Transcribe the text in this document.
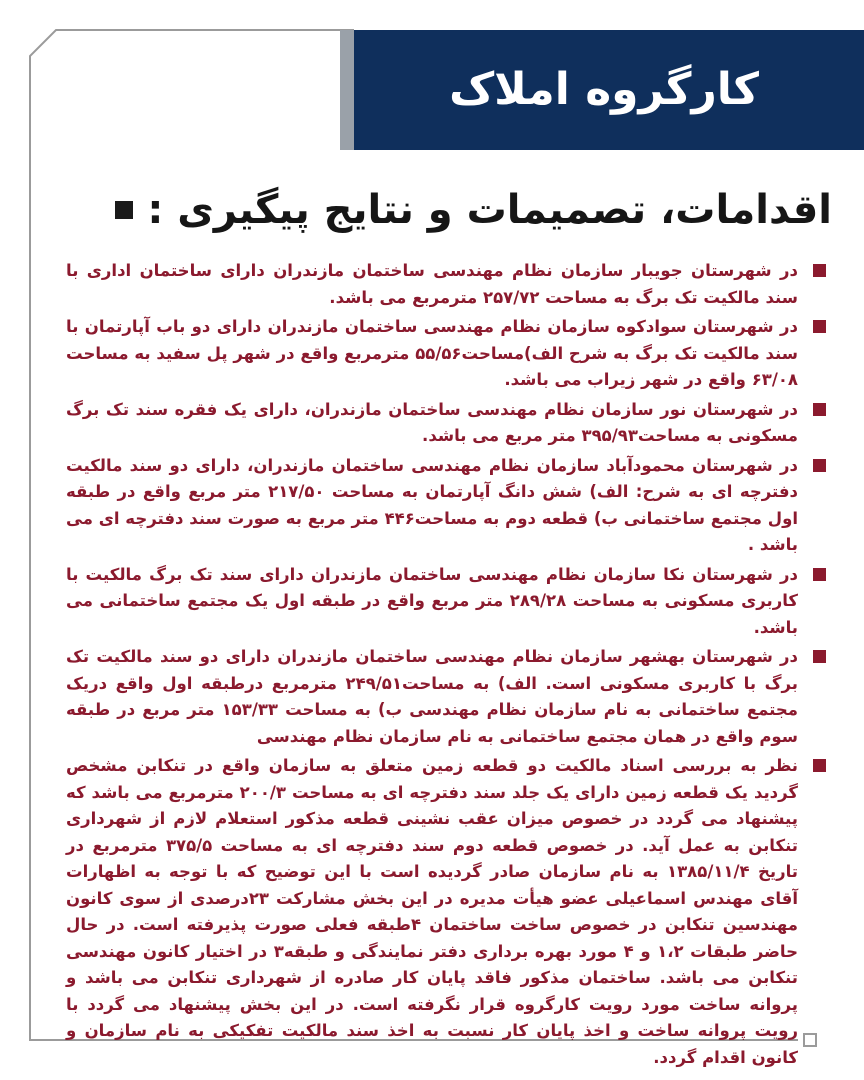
کارگروه املاک
اقدامات، تصمیمات و نتایج پیگیری :
در شهرستان جویبار سازمان نظام مهندسی ساختمان مازندران دارای ساختمان اداری با سند مالکیت تک برگ به مساحت ۲۵۷/۷۲ مترمربع می باشد.
در شهرستان سوادکوه سازمان نظام مهندسی ساختمان مازندران دارای دو باب آپارتمان با سند مالکیت تک برگ به شرح الف)مساحت۵۵/۵۶ مترمربع واقع در شهر پل سفید به مساحت ۶۳/۰۸ واقع در شهر زیراب می باشد.
در شهرستان نور سازمان نظام مهندسی ساختمان مازندران، دارای یک فقره سند تک برگ مسکونی به مساحت۳۹۵/۹۳ متر مربع می باشد.
در شهرستان محمودآباد سازمان نظام مهندسی ساختمان مازندران، دارای دو سند مالکیت دفترچه ای به شرح: الف) شش دانگ آپارتمان به مساحت ۲۱۷/۵۰ متر مربع واقع در طبقه اول مجتمع ساختمانی ب) قطعه دوم به مساحت۴۴۶ متر مربع به صورت سند دفترچه ای می باشد .
در شهرستان نکا سازمان نظام مهندسی ساختمان مازندران دارای سند تک برگ مالکیت با کاربری مسکونی به مساحت ۲۸۹/۲۸ متر مربع واقع در طبقه اول یک مجتمع ساختمانی می باشد.
در شهرستان بهشهر سازمان نظام مهندسی ساختمان مازندران دارای دو سند مالکیت تک برگ با کاربری مسکونی است. الف) به مساحت۲۴۹/۵۱ مترمربع درطبقه اول واقع دریک مجتمع ساختمانی به نام سازمان نظام مهندسی ب) به مساحت ۱۵۳/۳۳ متر مربع در طبقه سوم واقع در همان مجتمع ساختمانی به نام سازمان نظام مهندسی
نظر به بررسی اسناد مالکیت دو قطعه زمین متعلق به سازمان واقع در تنکابن مشخص گردید یک قطعه زمین دارای یک جلد سند دفترچه ای به مساحت ۲۰۰/۳ مترمربع می باشد که پیشنهاد می گردد در خصوص میزان عقب نشینی قطعه مذکور استعلام لازم از شهرداری تنکابن به عمل آید. در خصوص قطعه دوم سند دفترچه ای به مساحت ۳۷۵/۵ مترمربع در تاریخ ۱۳۸۵/۱۱/۴ به نام سازمان صادر گردیده است با این توضیح که با توجه به اظهارات آقای مهندس اسماعیلی عضو هیأت مدیره در این بخش مشارکت ۲۳درصدی از سوی کانون مهندسین تنکابن در خصوص ساخت ساختمان ۴طبقه فعلی صورت پذیرفته است. در حال حاضر طبقات ۱،۲ و ۴ مورد بهره برداری دفتر نمایندگی و طبقه۳ در اختیار کانون مهندسی تنکابن می باشد. ساختمان مذکور فاقد پایان کار صادره از شهرداری تنکابن می باشد و پروانه ساخت مورد رویت کارگروه قرار نگرفته است. در این بخش پیشنهاد می گردد با رویت پروانه ساخت و اخذ پایان کار نسبت به اخذ سند مالکیت تفکیکی به نام سازمان و کانون اقدام گردد.
